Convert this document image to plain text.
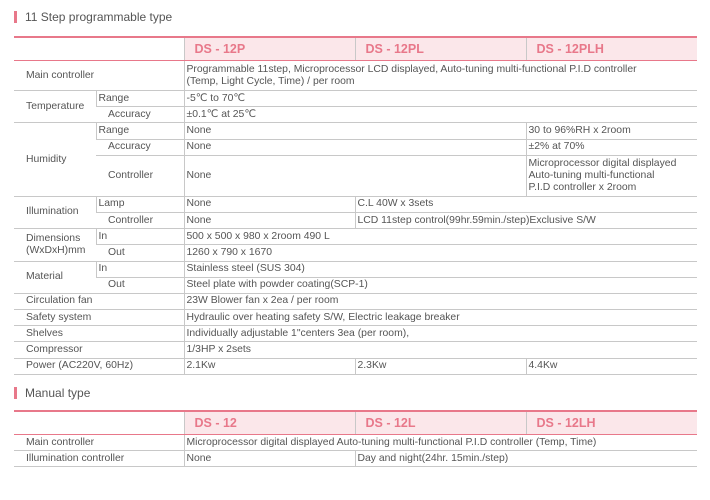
11 Step programmable type
		DS - 12P	DS - 12PL	DS - 12PLH
Main controller		Programmable 11step, Microprocessor LCD displayed, Auto-tuning multi-functional P.I.D controller
(Temp, Light Cycle, Time) / per room		

Temperature	Range	-5℃ to 70℃		
	Accuracy	±0.1℃ at 25℃		
Humidity	Range	None		30 to 96%RH x 2room
	Accuracy	None		±2% at 70%
	Controller	None		Microprocessor digital displayed
Auto-tuning multi-functional
P.I.D controller x 2room

Illumination	Lamp	None	C.L 40W x 3sets	
	Controller	None	LCD 11step control(99hr.59min./step)Exclusive S/W	

Dimensions
(WxDxH)mm	In	500 x 500 x 980 x 2room 490 L		
	Out	1260 x 790 x 1670		
Material	In	Stainless steel (SUS 304)		
	Out	Steel plate with powder coating(SCP-1)		
Circulation fan		23W Blower fan x 2ea / per room		
Safety system		Hydraulic over heating safety S/W, Electric leakage breaker		
Shelves		Individually adjustable 1"centers 3ea (per room),		
Compressor		1/3HP x 2sets		
Power (AC220V, 60Hz)		2.1Kw	2.3Kw	4.4Kw
Manual type
	DS - 12	DS - 12L	DS - 12LH
Main controller	Microprocessor digital displayed Auto-tuning multi-functional P.I.D controller (Temp, Time)		
Illumination controller	None	Day and night(24hr. 15min./step)	
